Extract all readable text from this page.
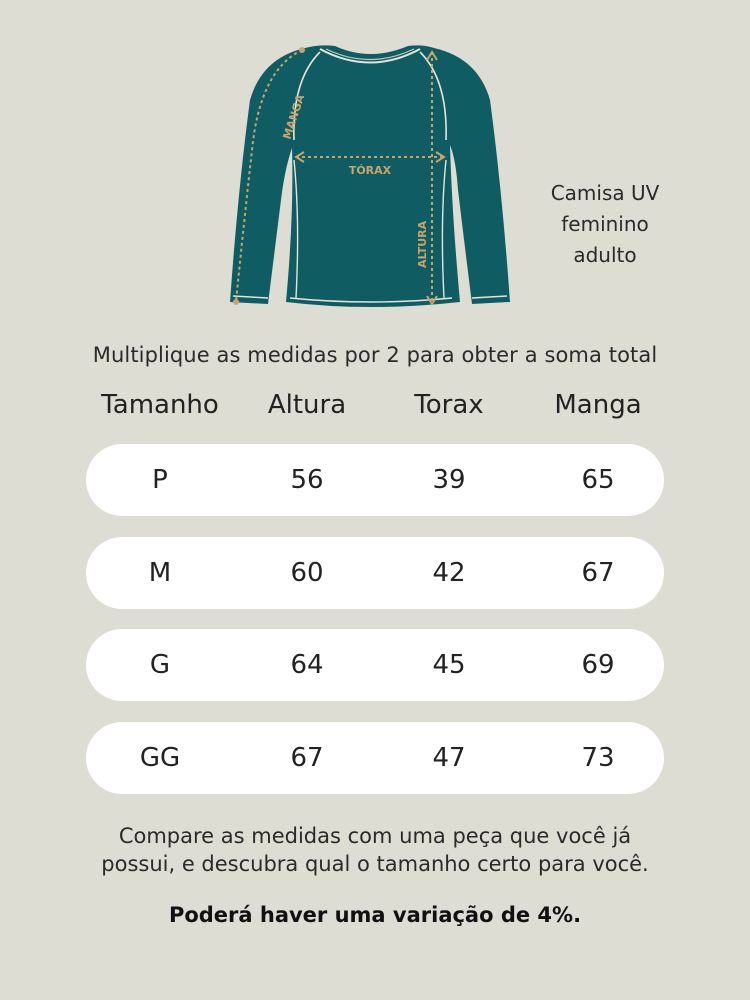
MANGA
TÓRAX
ALTURA
Camisa UV
feminino
adulto
Multiplique as medidas por 2 para obter a soma total
Tamanho Altura	Torax	Manga
P	56	39	65
M	60	42	67
G	64	45	69
GG	67	47	73
Compare as medidas com uma peça que você já
possui, e descubra qual o tamanho certo para você.
Poderá haver uma variação de 4%.
